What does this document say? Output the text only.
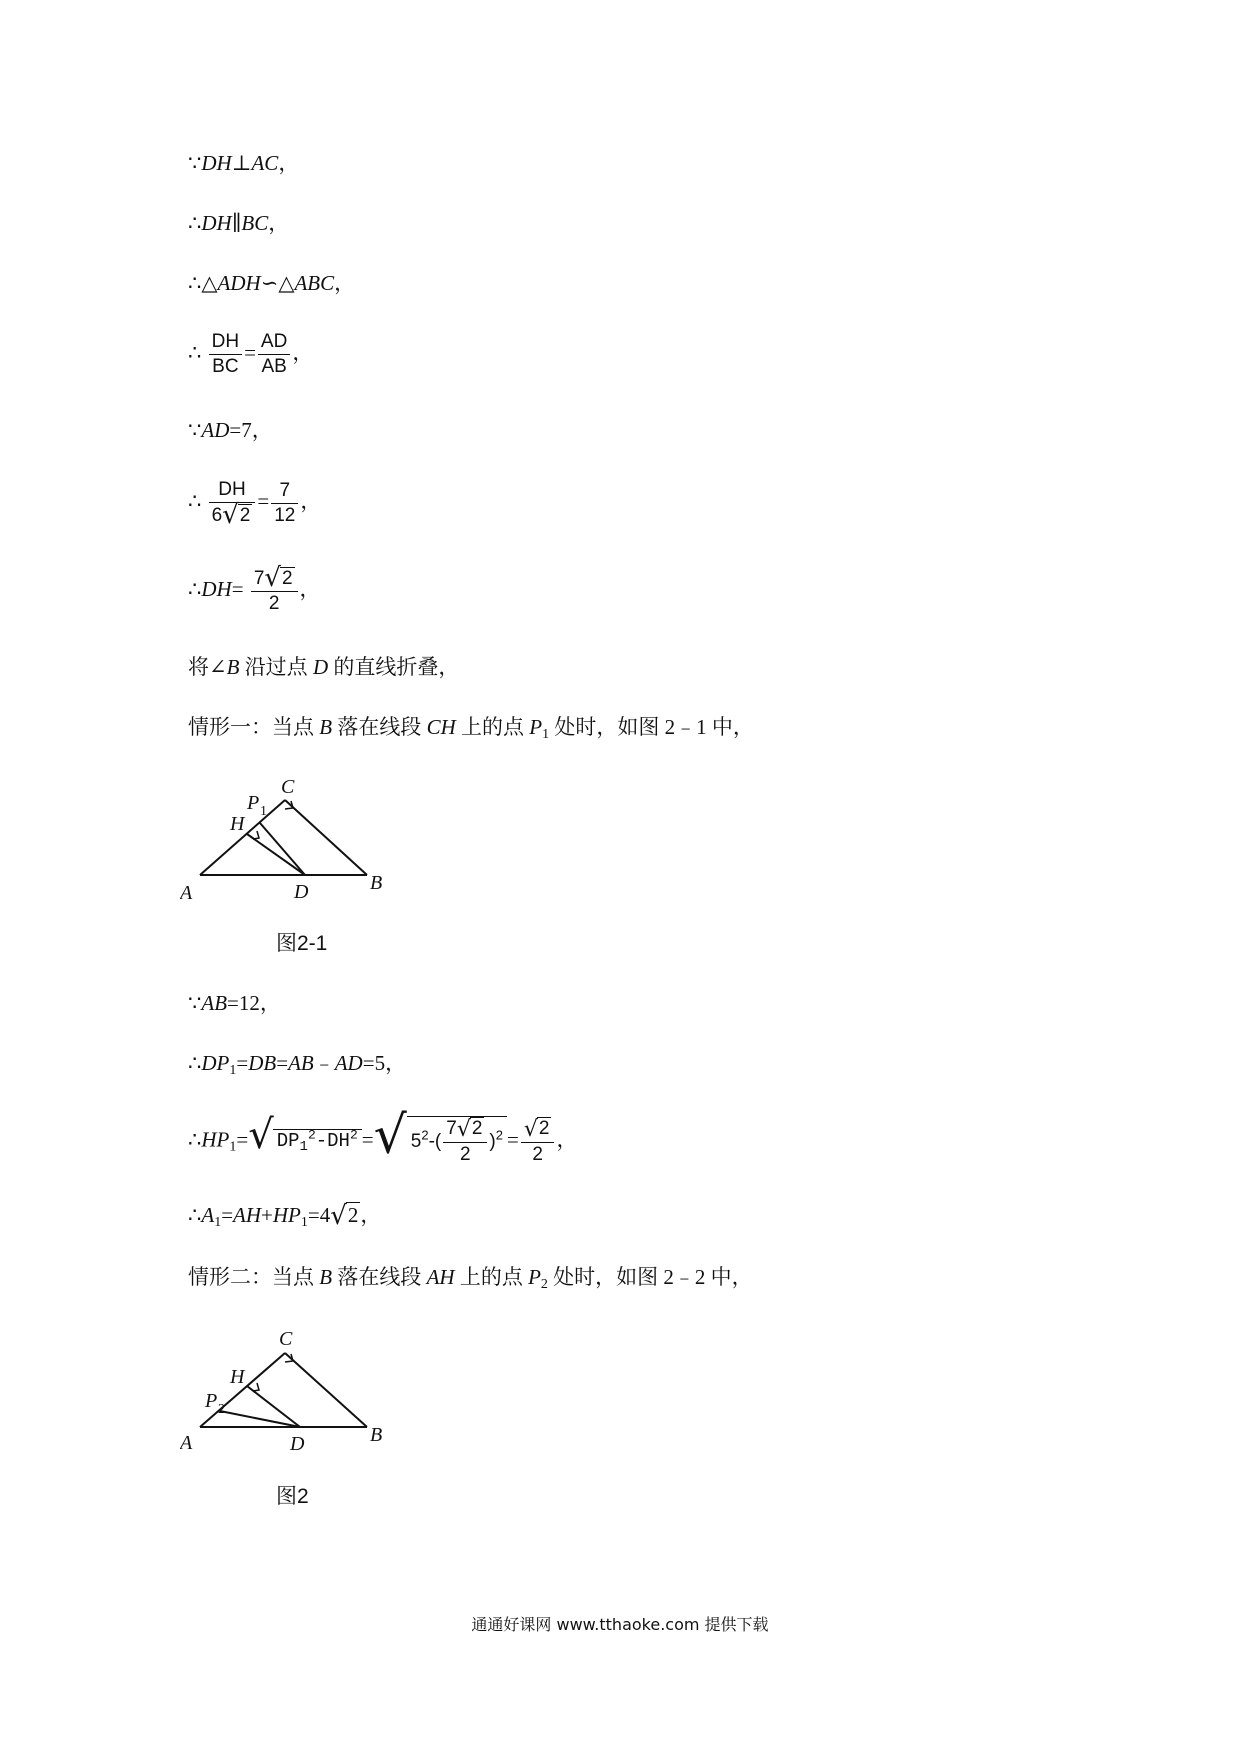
∵DH⊥AC，
∴DH∥BC，
∴△ADH∽△ABC，
∴ $\frac{DH}{BC} = \frac{AD}{AB}$ ，
∵AD=7，
∴ $\frac{DH}{6√2} = \frac{7}{12}$ ，
∴DH= $\frac{7√2}{2}$ ，
将∠B 沿过点 D 的直线折叠，
情形一：当点 B 落在线段 CH 上的点 $P_1$ 处时，如图 2﹣1 中，
A	B
C
D
H
P 1
图2-1
∵AB=12，
$\therefore DP_1=DB=AB﹣AD=5$，
$\therefore HP_1=√$ $DP_1^2-DH^2$ =√ $5^2-( \frac{7√2}{2} )^2 = \frac{√2}{2}$ ，
$\therefore A_1=AH+HP_1=4√2$，
情形二：当点 B 落在线段 AH 上的点 $P_2$ 处时，如图 2﹣2 中，
A	B
C
D
H
P 2
图2
通通好课网 www.tthaoke.com 提供下载
